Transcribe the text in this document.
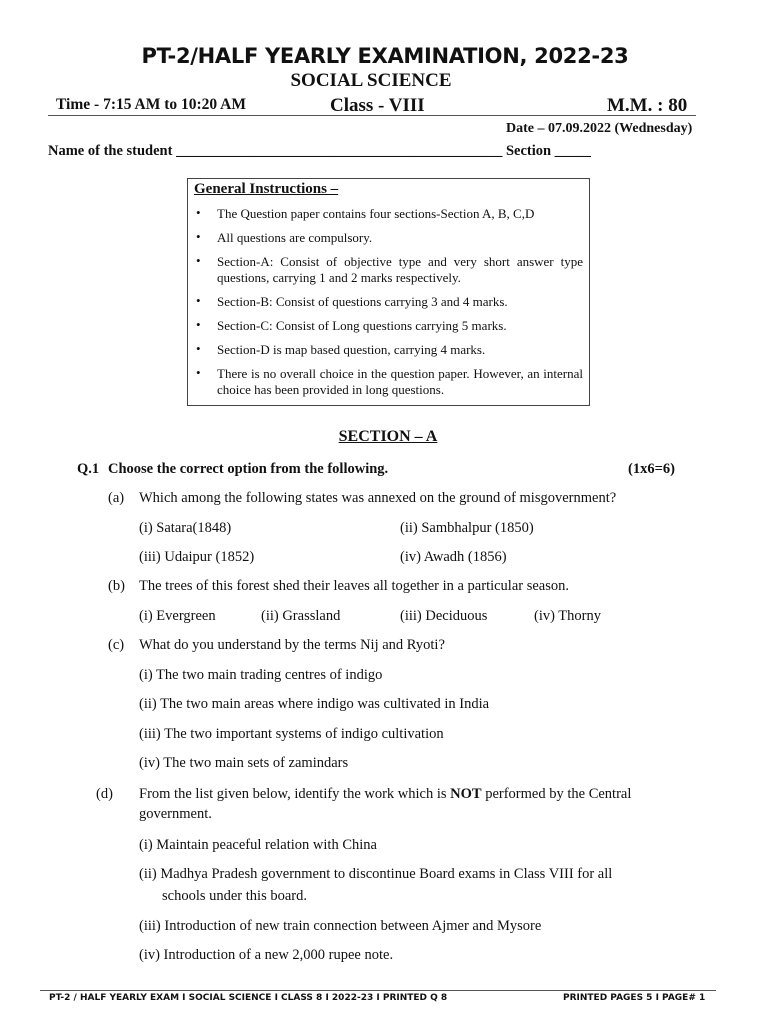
PT-2/HALF YEARLY EXAMINATION, 2022-23
SOCIAL SCIENCE
Time - 7:15 AM to 10:20 AM	Class - VIII	M.M. : 80
Date – 07.09.2022 (Wednesday)
Name of the student _____________________________________________ Section _____
General Instructions –
• The Question paper contains four sections-Section A, B, C,D
• All questions are compulsory.
• Section-A: Consist of objective type and very short answer type questions, carrying 1 and 2 marks respectively.
• Section-B: Consist of questions carrying 3 and 4 marks.
• Section-C: Consist of Long questions carrying 5 marks.
• Section-D is map based question, carrying 4 marks.
• There is no overall choice in the question paper. However, an internal choice has been provided in long questions.
SECTION – A
Q.1 Choose the correct option from the following.	(1x6=6)
(a) Which among the following states was annexed on the ground of misgovernment?
(i) Satara(1848)	(ii) Sambhalpur (1850)
(iii) Udaipur (1852)	(iv) Awadh (1856)
(b) The trees of this forest shed their leaves all together in a particular season.
(i) Evergreen	(ii) Grassland	(iii) Deciduous	(iv) Thorny
(c) What do you understand by the terms Nij and Ryoti?
(i) The two main trading centres of indigo
(ii) The two main areas where indigo was cultivated in India
(iii) The two important systems of indigo cultivation
(iv) The two main sets of zamindars
(d) From the list given below, identify the work which is NOT performed by the Central
government.
(i) Maintain peaceful relation with China
(ii) Madhya Pradesh government to discontinue Board exams in Class VIII for all
schools under this board.
(iii) Introduction of new train connection between Ajmer and Mysore
(iv) Introduction of a new 2,000 rupee note.
PT-2 / HALF YEARLY EXAM I SOCIAL SCIENCE I CLASS 8 I 2022-23 I PRINTED Q 8	PRINTED PAGES 5 I PAGE# 1
